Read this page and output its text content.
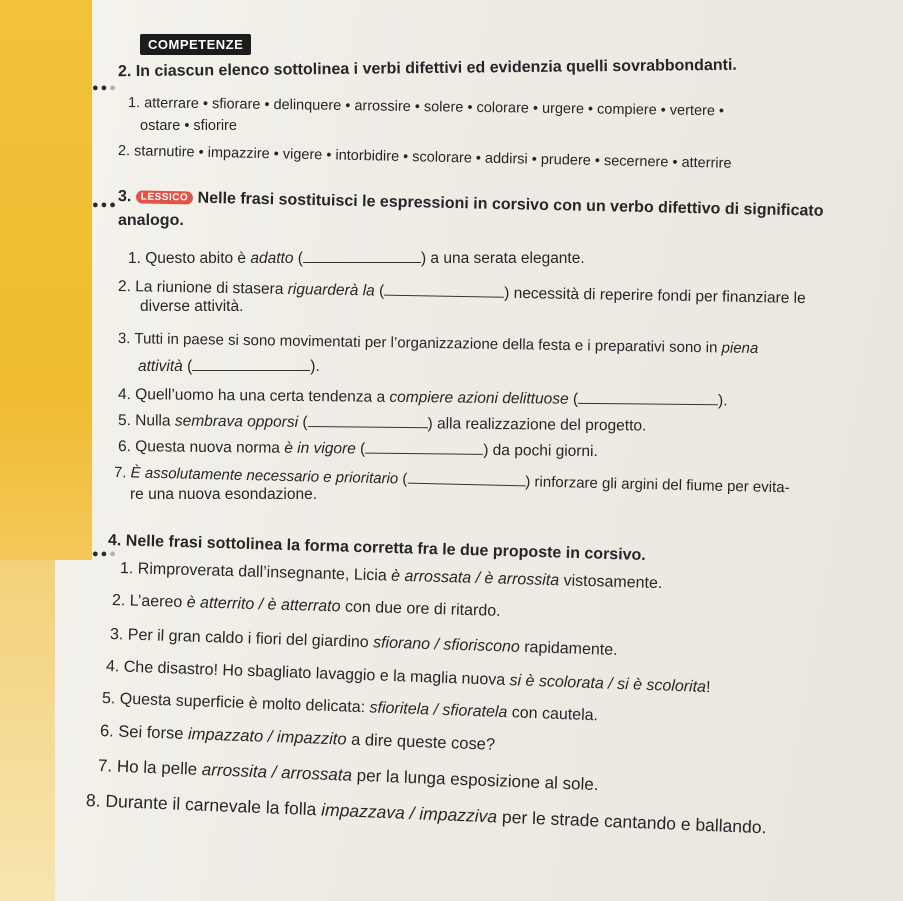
COMPETENZE
●●●
2. In ciascun elenco sottolinea i verbi difettivi ed evidenzia quelli sovrabbondanti.
1. atterrare • sfiorare • delinquere • arrossire • solere • colorare • urgere • compiere • vertere •
ostare • sfiorire
2. starnutire • impazzire • vigere • intorbidire • scolorare • addirsi • prudere • secernere • atterrire
●●● 3. LESSICO Nelle frasi sostituisci le espressioni in corsivo con un verbo difettivo di significato
analogo.
1. Questo abito è adatto (	) a una serata elegante.
2. La riunione di stasera riguarderà la (	) necessità di reperire fondi per finanziare le
diverse attività.
3. Tutti in paese si sono movimentati per l’organizzazione della festa e i preparativi sono in piena
attività (	).
4. Quell’uomo ha una certa tendenza a compiere azioni delittuose (	).
5. Nulla sembrava opporsi (	) alla realizzazione del progetto.
6. Questa nuova norma è in vigore (	) da pochi giorni.
7. È assolutamente necessario e prioritario (	) rinforzare gli argini del fiume per evita-
re una nuova esondazione.
●●●
4. Nelle frasi sottolinea la forma corretta fra le due proposte in corsivo.
1. Rimproverata dall’insegnante, Licia è arrossata / è arrossita vistosamente.
2. L’aereo è atterrito / è atterrato con due ore di ritardo.
3. Per il gran caldo i fiori del giardino sfiorano / sfioriscono rapidamente.
4. Che disastro! Ho sbagliato lavaggio e la maglia nuova si è scolorata / si è scolorita!
5. Questa superficie è molto delicata: sfioritela / sfioratela con cautela.
6. Sei forse impazzato / impazzito a dire queste cose?
7. Ho la pelle arrossita / arrossata per la lunga esposizione al sole.
8. Durante il carnevale la folla impazzava / impazziva per le strade cantando e ballando.
